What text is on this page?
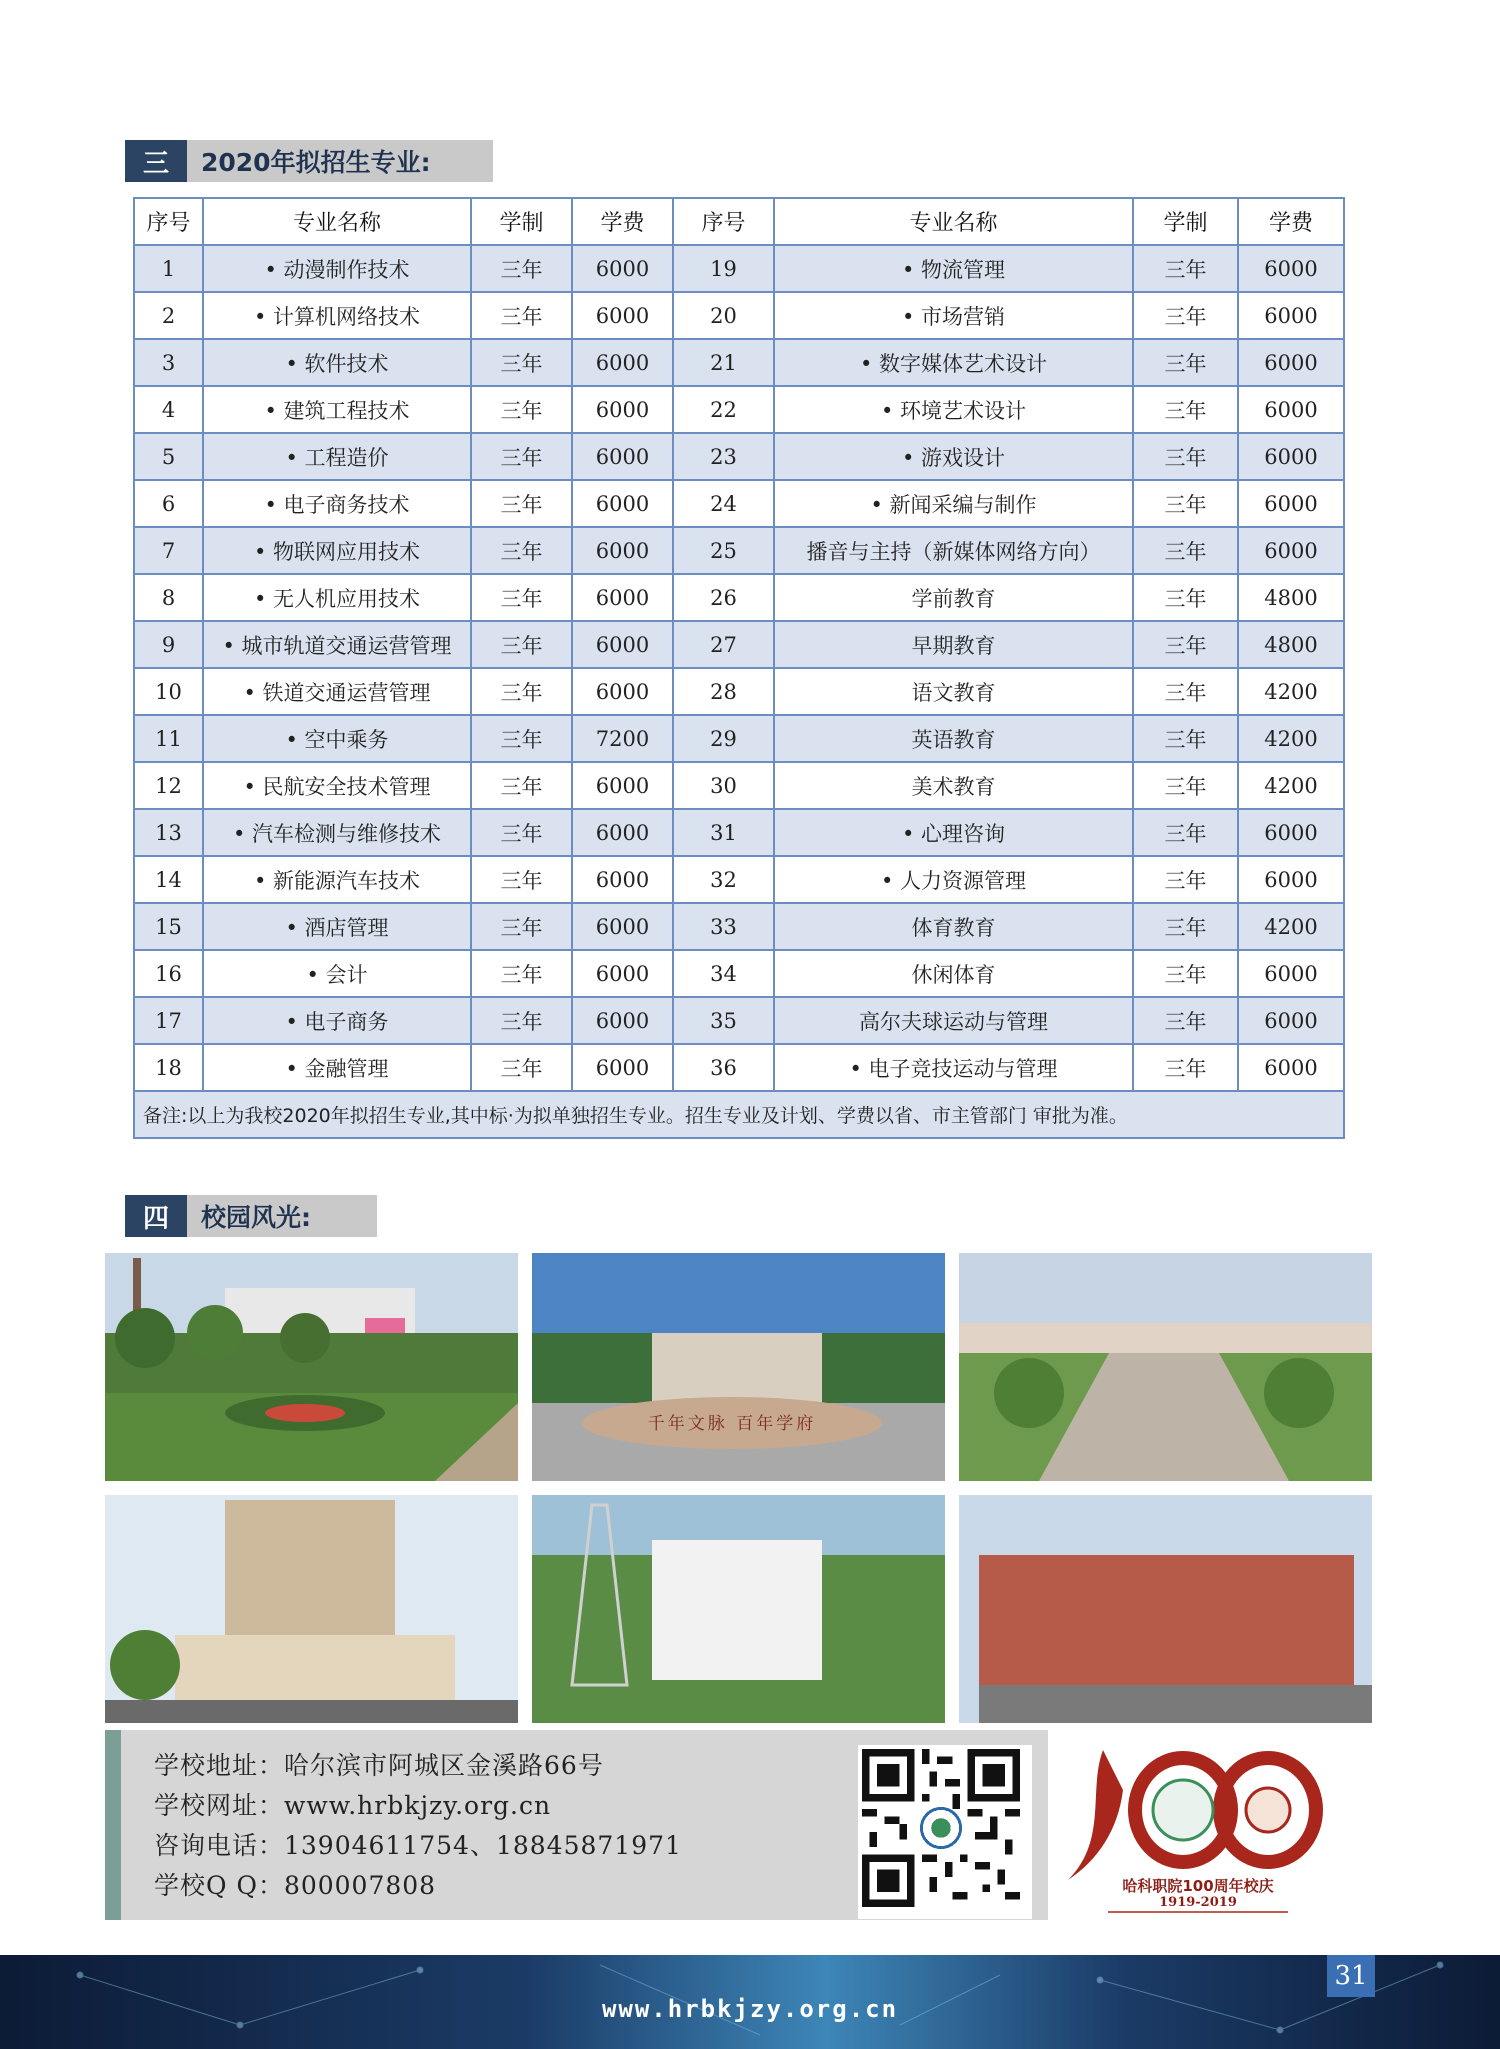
三	2020年拟招生专业:
序号	专业名称	学制	学费	序号	专业名称	学制	学费
1	• 动漫制作技术	三年	6000	19	• 物流管理	三年	6000
2	• 计算机网络技术	三年	6000	20	• 市场营销	三年	6000
3	• 软件技术	三年	6000	21	• 数字媒体艺术设计	三年	6000
4	• 建筑工程技术	三年	6000	22	• 环境艺术设计	三年	6000
5	• 工程造价	三年	6000	23	• 游戏设计	三年	6000
6	• 电子商务技术	三年	6000	24	• 新闻采编与制作	三年	6000
7	• 物联网应用技术	三年	6000	25	播音与主持（新媒体网络方向）	三年	6000
8	• 无人机应用技术	三年	6000	26	学前教育	三年	4800
9	• 城市轨道交通运营管理	三年	6000	27	早期教育	三年	4800
10	• 铁道交通运营管理	三年	6000	28	语文教育	三年	4200
11	• 空中乘务	三年	7200	29	英语教育	三年	4200
12	• 民航安全技术管理	三年	6000	30	美术教育	三年	4200
13	• 汽车检测与维修技术	三年	6000	31	• 心理咨询	三年	6000
14	• 新能源汽车技术	三年	6000	32	• 人力资源管理	三年	6000
15	• 酒店管理	三年	6000	33	体育教育	三年	4200
16	• 会计	三年	6000	34	休闲体育	三年	6000
17	• 电子商务	三年	6000	35	高尔夫球运动与管理	三年	6000
18	• 金融管理	三年	6000	36	• 电子竞技运动与管理	三年	6000
备注:以上为我校2020年拟招生专业,其中标·为拟单独招生专业。招生专业及计划、学费以省、市主管部门 审批为准。							
四	校园风光:
千年文脉 百年学府
学校地址：哈尔滨市阿城区金溪路66号
学校网址：www.hrbkjzy.org.cn
咨询电话：13904611754、18845871971
学校Q Q：800007808	哈科职院100周年校庆
1919-2019
www.hrbkjzy.org.cn
31
